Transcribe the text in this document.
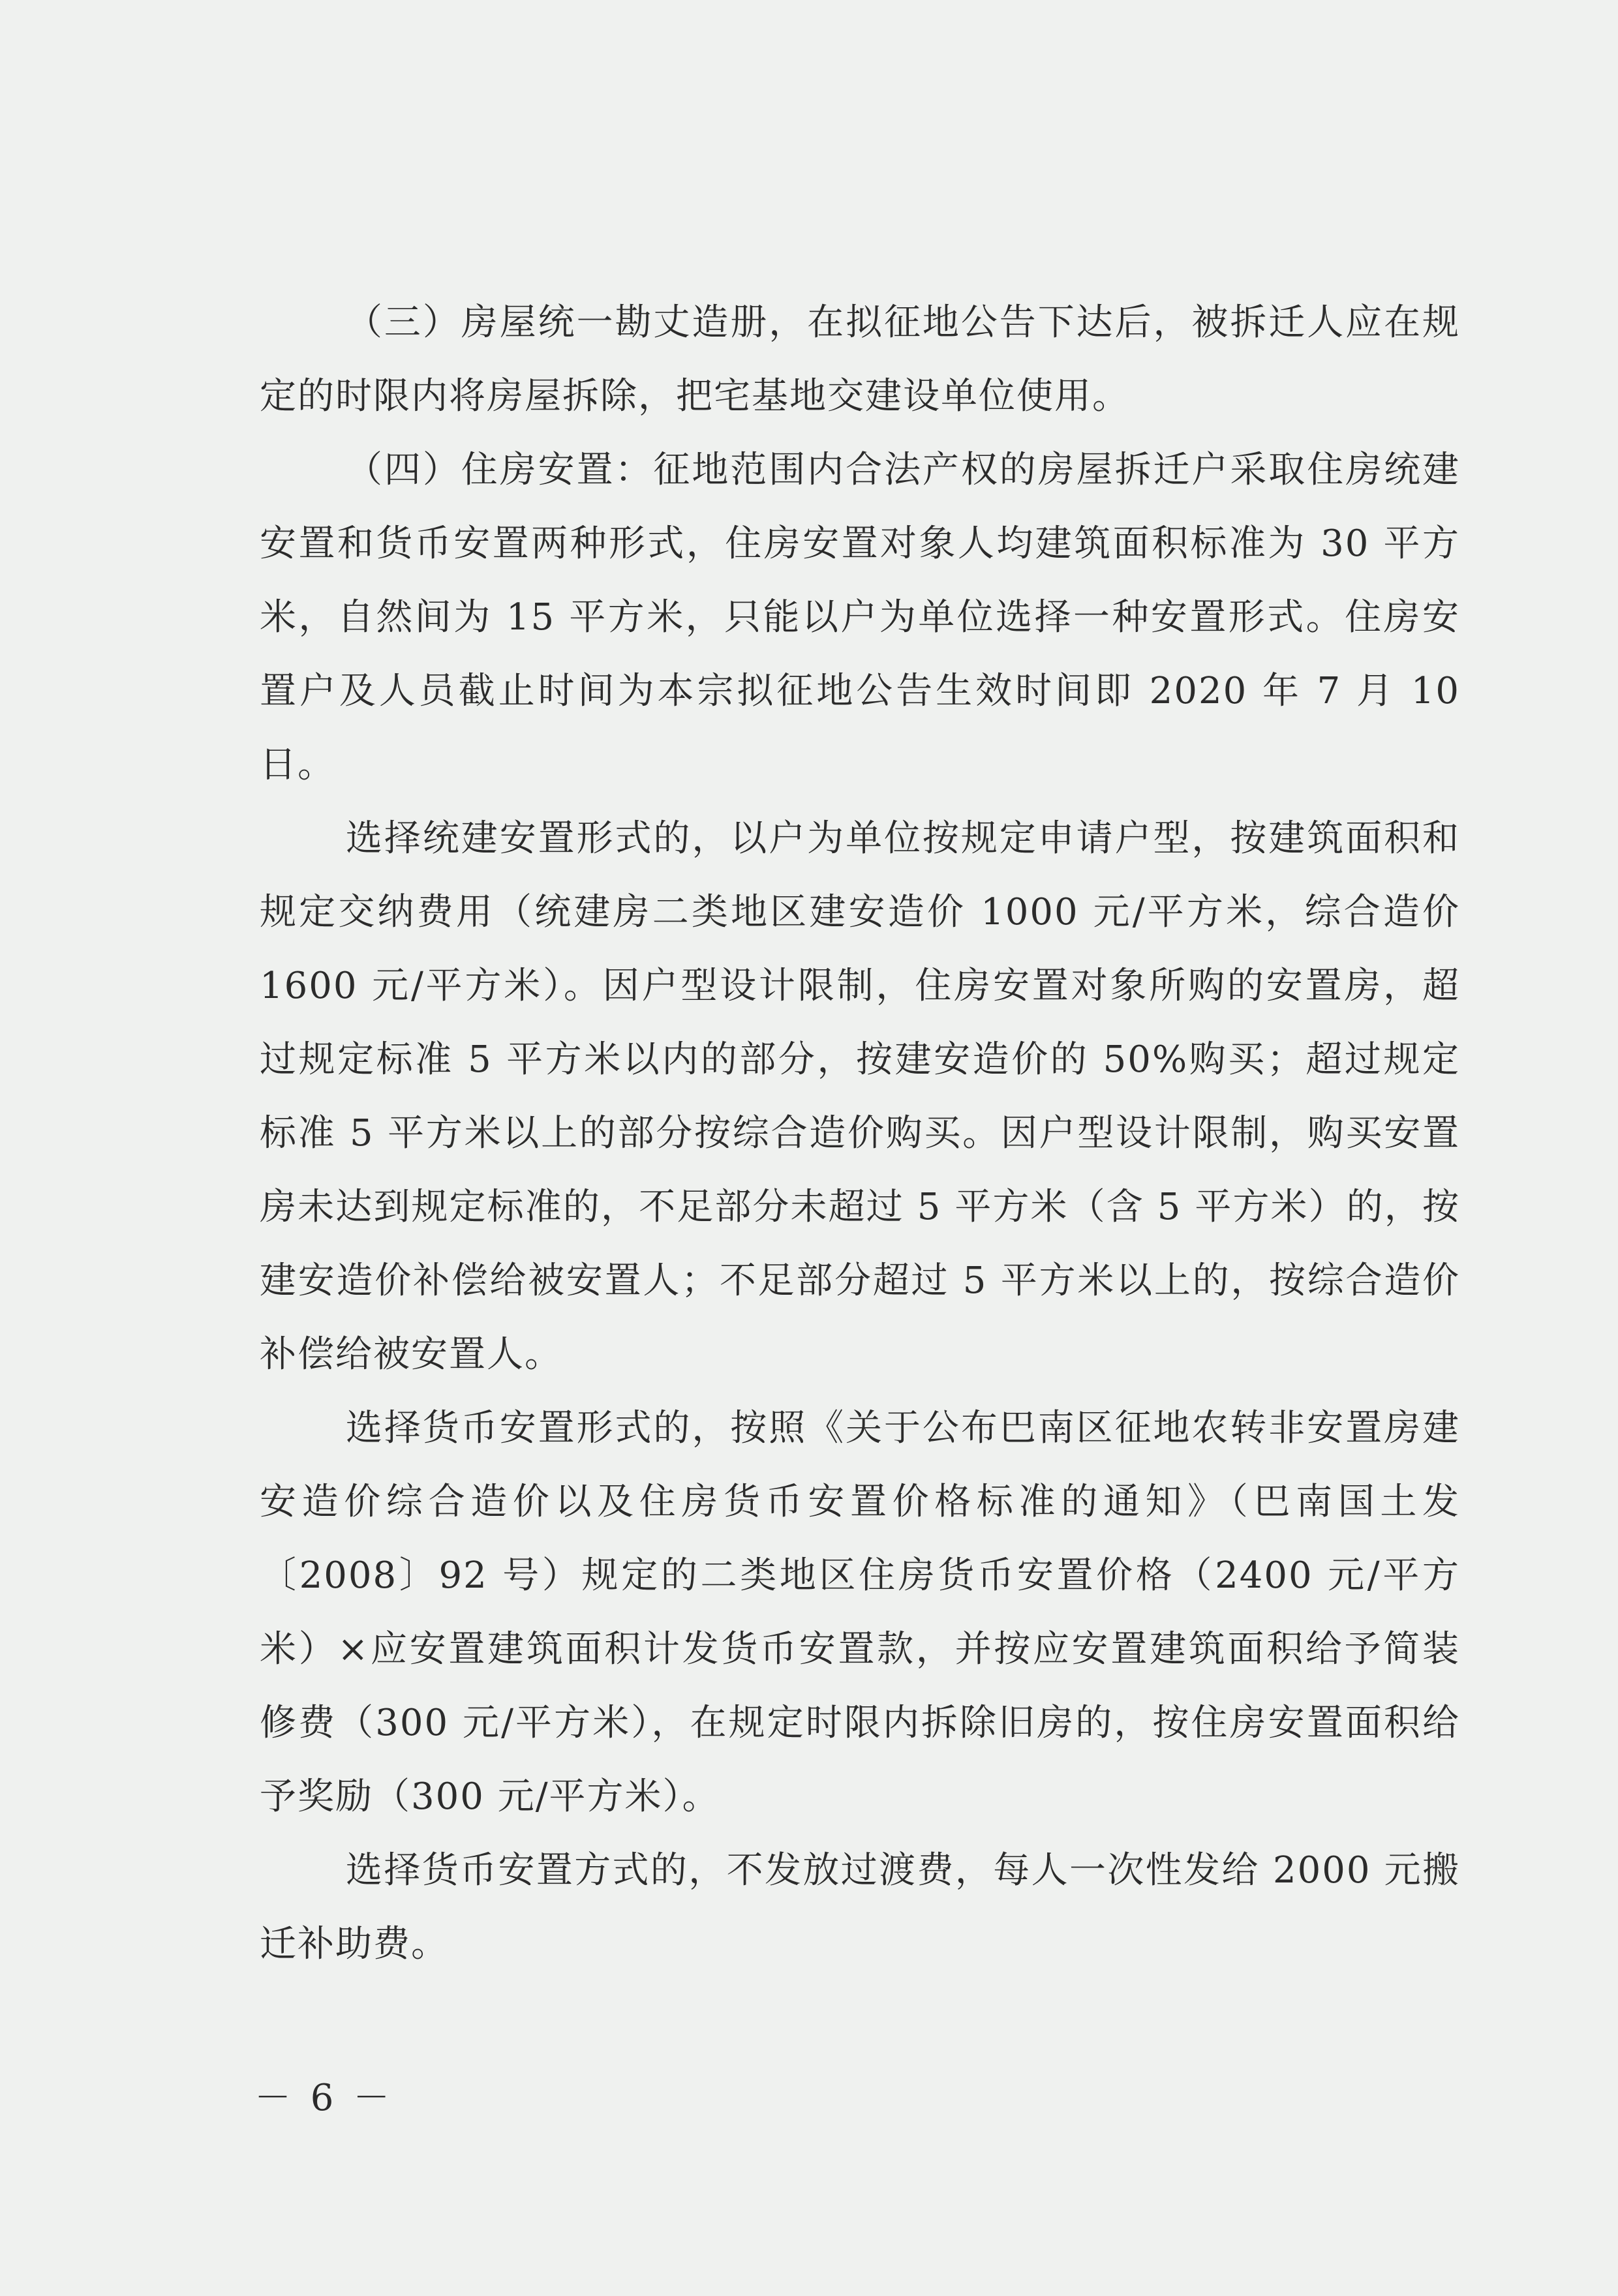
（三）房屋统一勘丈造册，在拟征地公告下达后，被拆迁人应在规定的时限内将房屋拆除，把宅基地交建设单位使用。

（四）住房安置：征地范围内合法产权的房屋拆迁户采取住房统建安置和货币安置两种形式，住房安置对象人均建筑面积标准为 30 平方米，自然间为 15 平方米，只能以户为单位选择一种安置形式。住房安置户及人员截止时间为本宗拟征地公告生效时间即 2020 年 7 月 10 日。

选择统建安置形式的，以户为单位按规定申请户型，按建筑面积和规定交纳费用（统建房二类地区建安造价 1000 元/平方米，综合造价 1600 元/平方米）。因户型设计限制，住房安置对象所购的安置房，超过规定标准 5 平方米以内的部分，按建安造价的 50%购买；超过规定标准 5 平方米以上的部分按综合造价购买。因户型设计限制，购买安置房未达到规定标准的，不足部分未超过 5 平方米（含 5 平方米）的，按建安造价补偿给被安置人；不足部分超过 5 平方米以上的，按综合造价补偿给被安置人。

选择货币安置形式的，按照《关于公布巴南区征地农转非安置房建安造价综合造价以及住房货币安置价格标准的通知》（巴南国土发〔2008〕92 号）规定的二类地区住房货币安置价格（2400 元/平方米）×应安置建筑面积计发货币安置款，并按应安置建筑面积给予简装修费（300 元/平方米），在规定时限内拆除旧房的，按住房安置面积给予奖励（300 元/平方米）。

选择货币安置方式的，不发放过渡费，每人一次性发给 2000 元搬迁补助费。

－ 6 －
